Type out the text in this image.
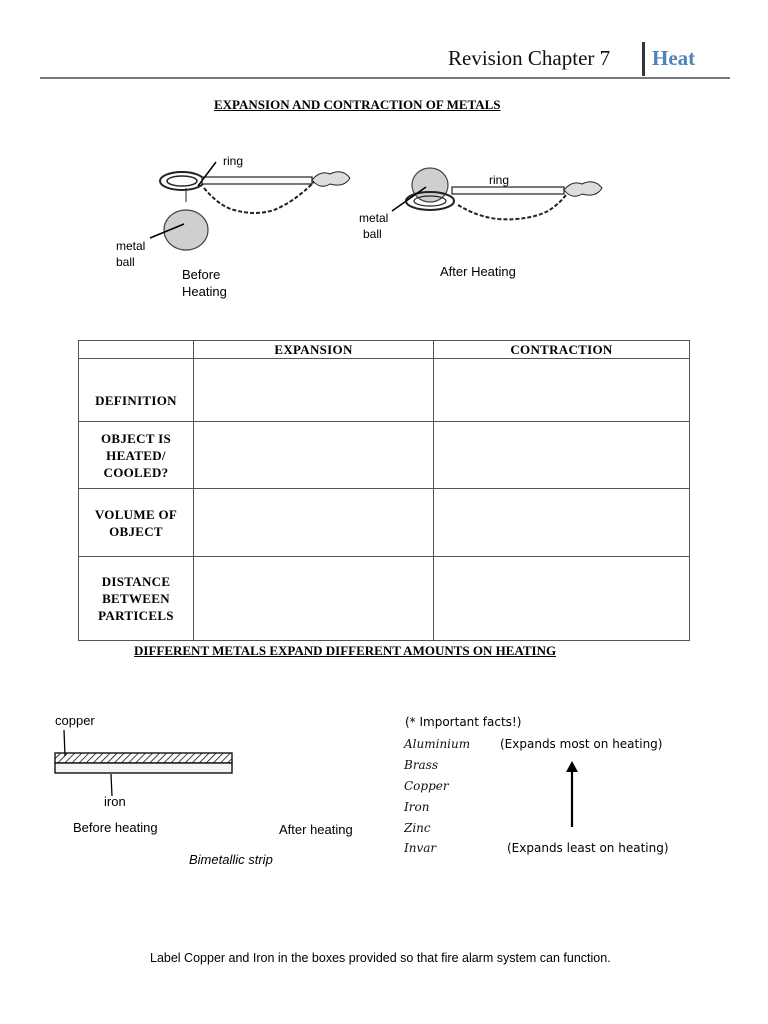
Revision Chapter 7 Heat
EXPANSION AND CONTRACTION OF METALS
ring
metal
ball
Before
Heating
ring
metal
ball
After Heating
	EXPANSION	CONTRACTION
DEFINITION		
OBJECT IS HEATED/ COOLED?		
VOLUME OF OBJECT		
DISTANCE BETWEEN PARTICELS		
DIFFERENT METALS EXPAND DIFFERENT AMOUNTS ON HEATING
copper
iron
Before heating	After heating
Bimetallic strip
(* Important facts!)
Aluminium
Brass
Copper
Iron
Zinc
Invar
(Expands most on heating)
(Expands least on heating)
Label Copper and Iron in the boxes provided so that fire alarm system can function.
